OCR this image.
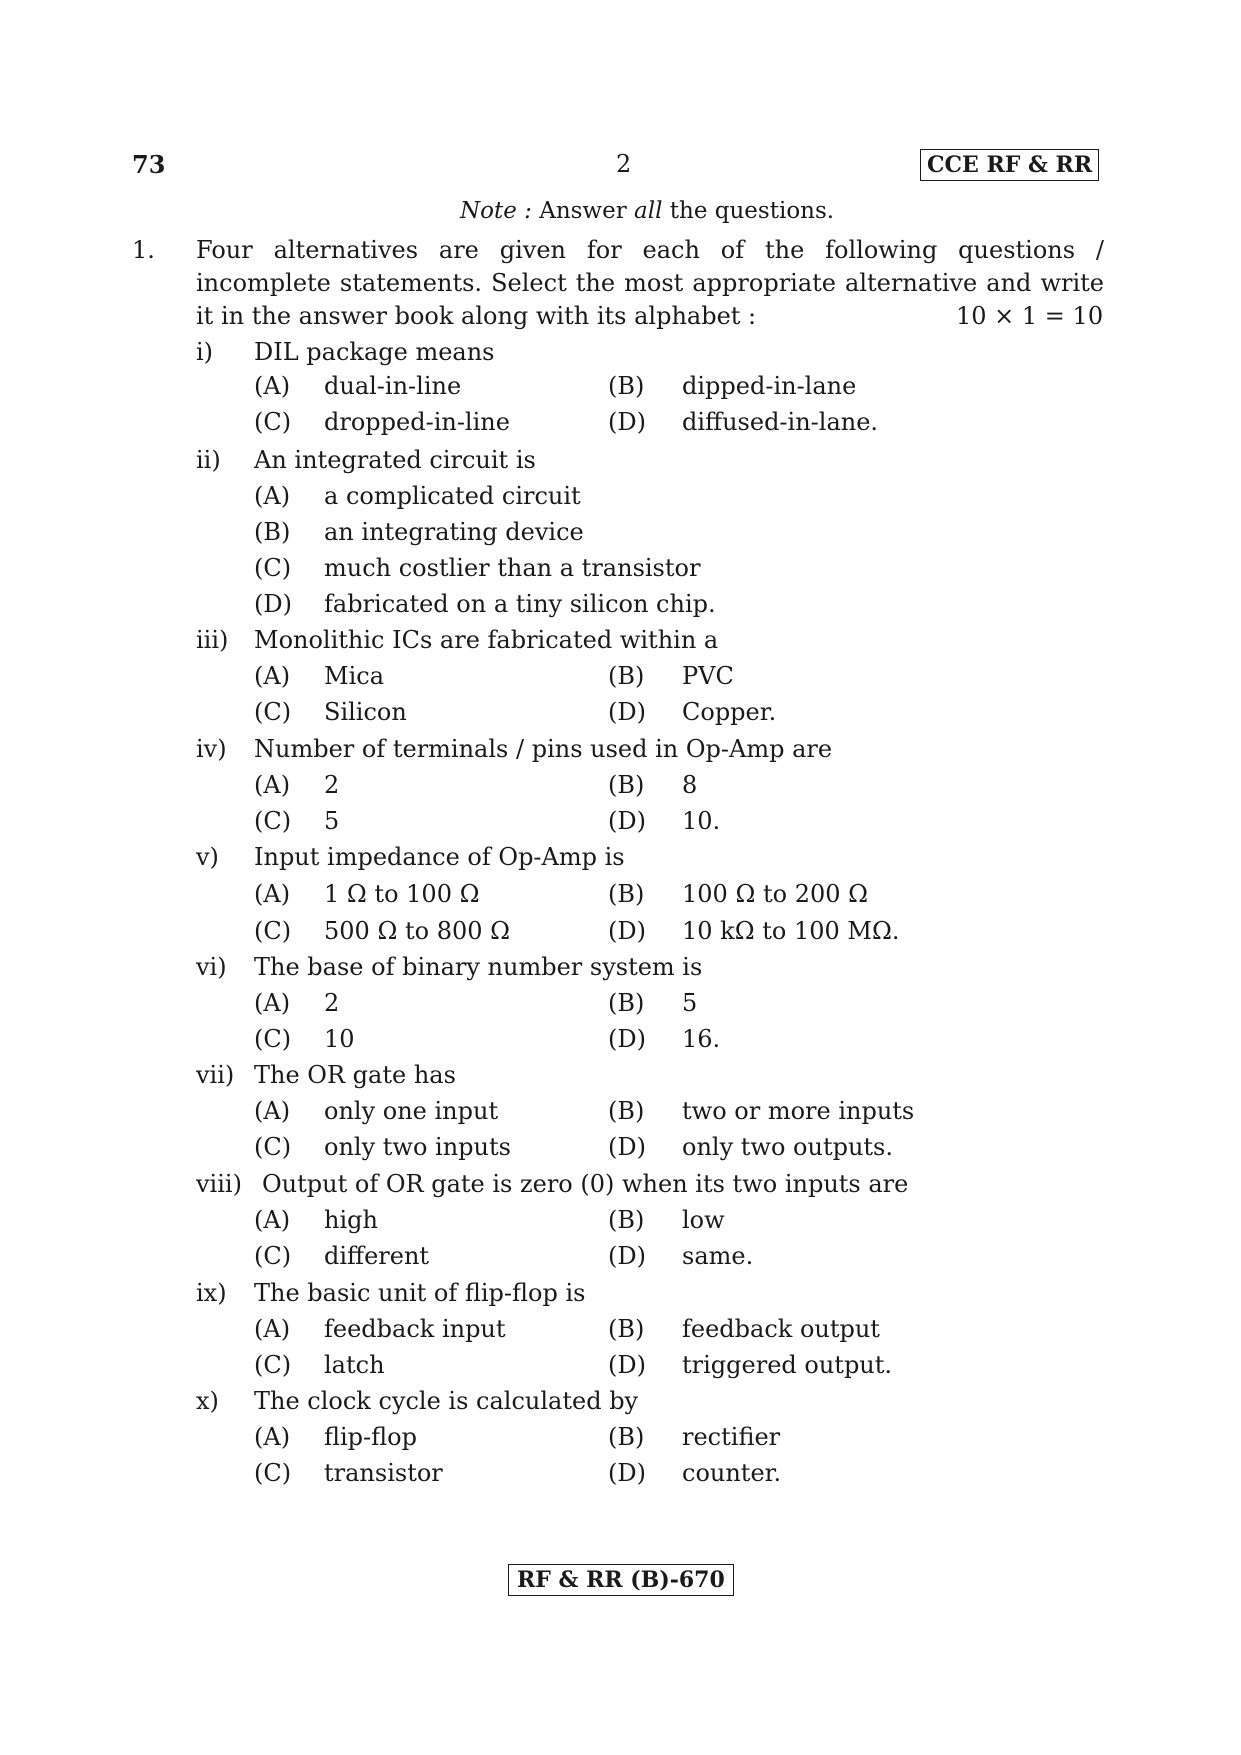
73	2	CCE RF & RR
Note : Answer all the questions.
1. Four alternatives are given for each of the following questions /
incomplete statements. Select the most appropriate alternative and write
it in the answer book along with its alphabet :	10 × 1 = 10
i) DIL package means
(A) dual-in-line	(B) dipped-in-lane
(C) dropped-in-line	(D) diffused-in-lane.
ii) An integrated circuit is
(A) a complicated circuit
(B) an integrating device
(C) much costlier than a transistor
(D) fabricated on a tiny silicon chip.
iii) Monolithic ICs are fabricated within a
(A) Mica	(B) PVC
(C) Silicon	(D) Copper.
iv) Number of terminals / pins used in Op-Amp are
(A) 2	(B) 8
(C) 5	(D) 10.
v) Input impedance of Op-Amp is
(A) 1 Ω to 100 Ω	(B) 100 Ω to 200 Ω
(C) 500 Ω to 800 Ω	(D) 10 kΩ to 100 MΩ.
vi) The base of binary number system is
(A) 2	(B) 5
(C) 10	(D) 16.
vii) The OR gate has
(A) only one input	(B) two or more inputs
(C) only two inputs	(D) only two outputs.
viii) Output of OR gate is zero (0) when its two inputs are
(A) high	(B) low
(C) different	(D) same.
ix) The basic unit of flip-flop is
(A) feedback input	(B) feedback output
(C) latch	(D) triggered output.
x) The clock cycle is calculated by
(A) flip-flop	(B) rectifier
(C) transistor	(D) counter.
RF & RR (B)-670
